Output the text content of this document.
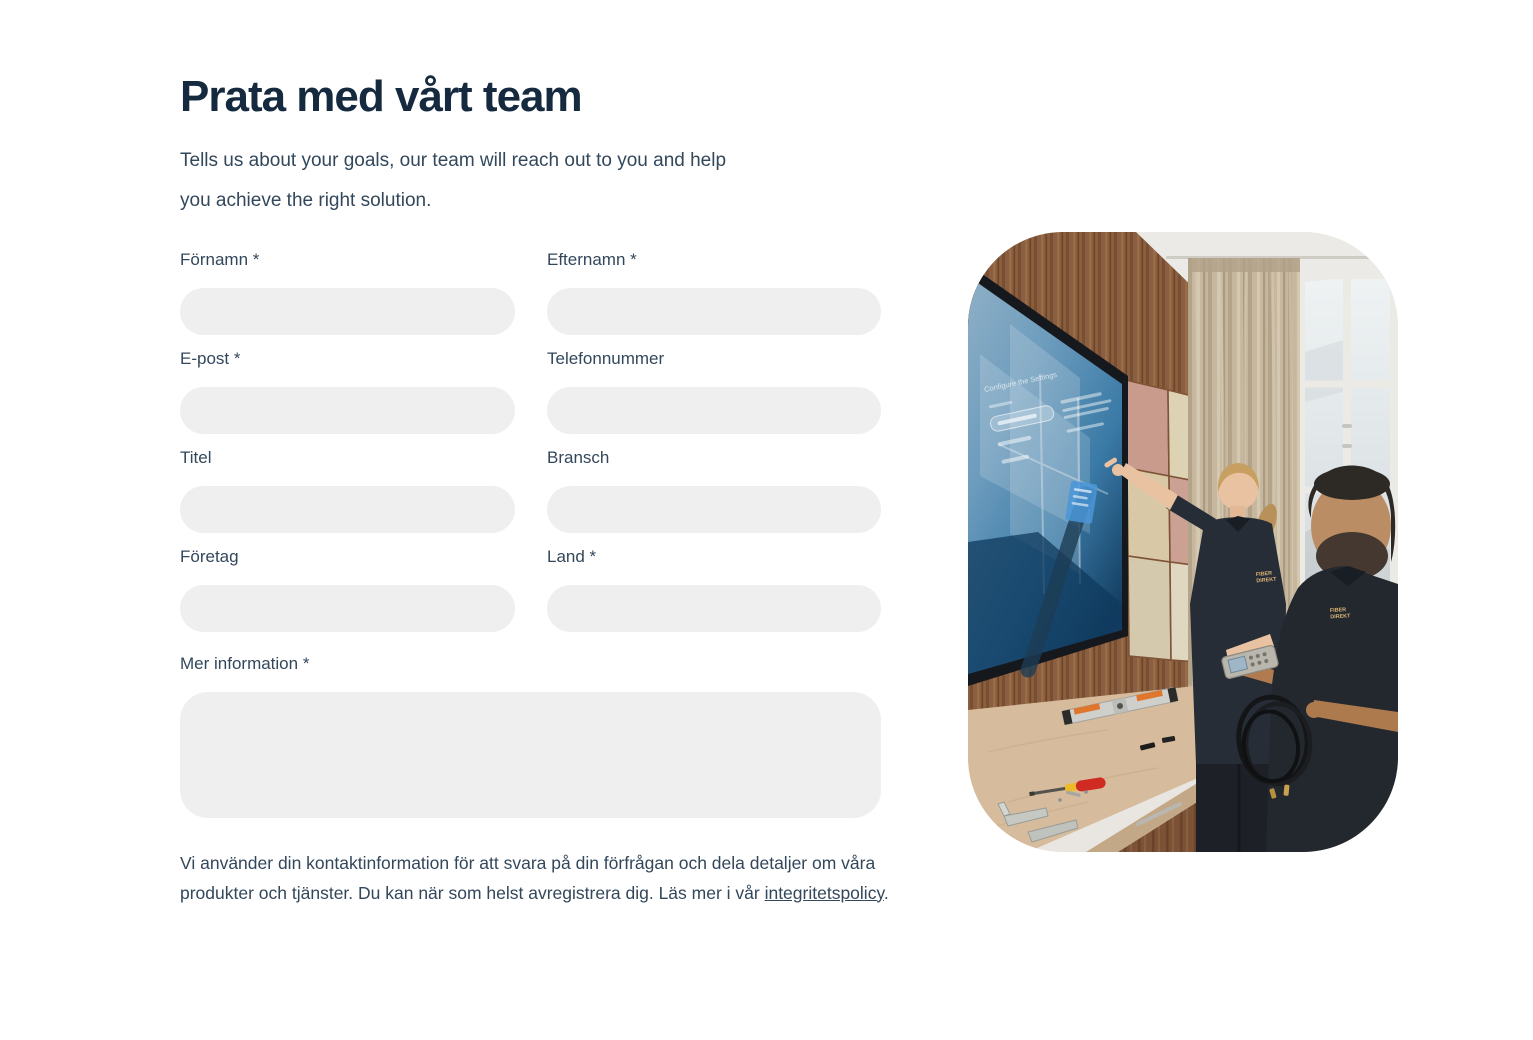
Prata med vårt team

Tells us about your goals, our team will reach out to you and help you achieve the right solution.

Förnamn *	Efternamn *
E-post *	Telefonnummer
Titel	Bransch
Företag	Land *
Mer information *

Vi använder din kontaktinformation för att svara på din förfrågan och dela detaljer om våra produkter och tjänster. Du kan när som helst avregistrera dig. Läs mer i vår integritetspolicy.

Configure the Settings
FIBER
DIREKT
FIBER
DIREKT
